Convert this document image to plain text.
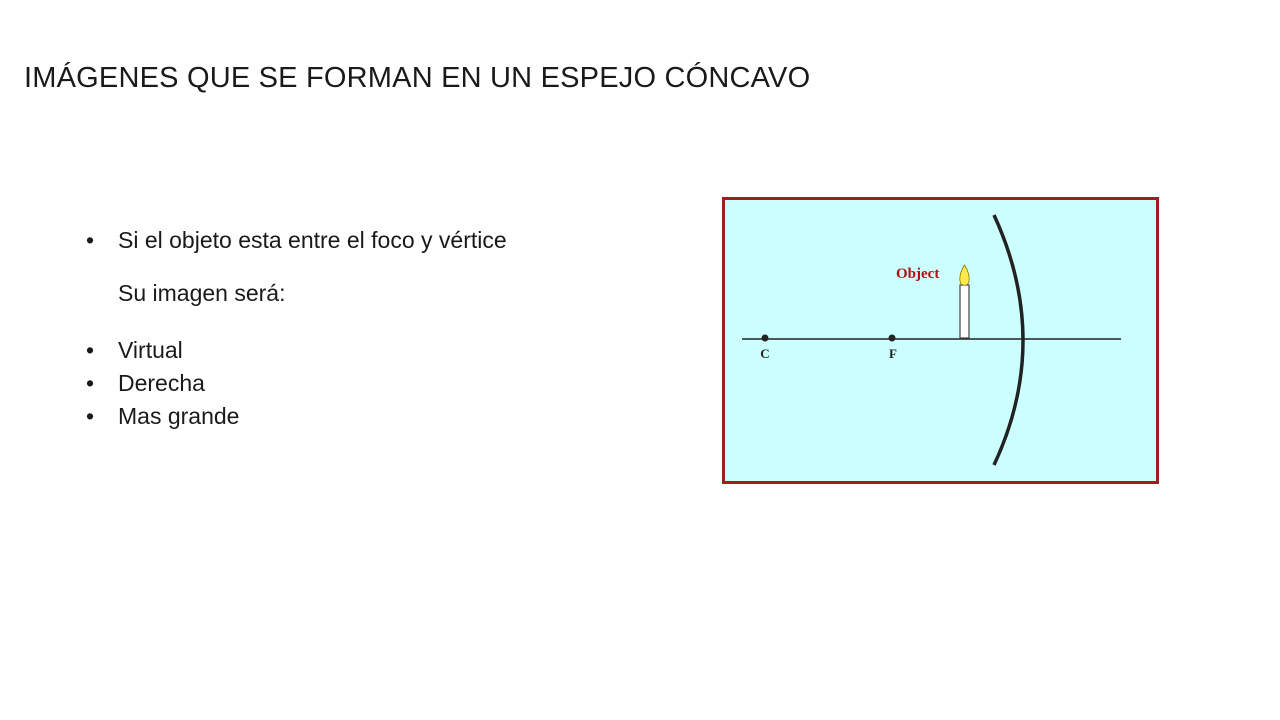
IMÁGENES QUE SE FORMAN EN UN ESPEJO CÓNCAVO
•	Si el objeto esta entre el foco y vértice
Su imagen será:
•	Virtual
•	Derecha
•	Mas grande
C	F
Object
